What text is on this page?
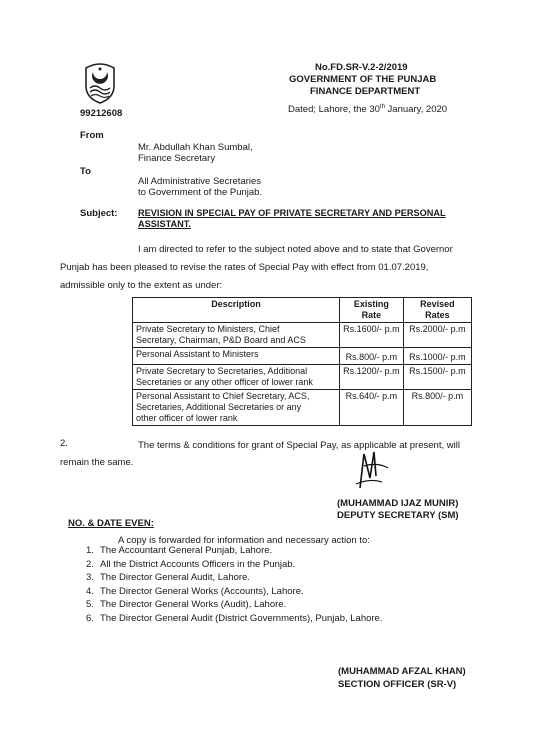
99212608
No.FD.SR-V.2-2/2019
GOVERNMENT OF THE PUNJAB
FINANCE DEPARTMENT
Dated; Lahore, the 30th January, 2020
From
Mr. Abdullah Khan Sumbal,
Finance Secretary
To
All Administrative Secretaries
to Government of the Punjab.
Subject: REVISION IN SPECIAL PAY OF PRIVATE SECRETARY AND PERSONAL
ASSISTANT.
I am directed to refer to the subject noted above and to state that Governor
Punjab has been pleased to revise the rates of Special Pay with effect from 01.07.2019,
admissible only to the extent as under:
Description	Existing Rate	Revised Rates
Private Secretary to Ministers, Chief
Secretary, Chairman, P&D Board and ACS	Rs.1600/- p.m	Rs.2000/- p.m
Personal Assistant to Ministers	Rs.800/- p.m	Rs.1000/- p.m
Private Secretary to Secretaries, Additional
Secretaries or any other officer of lower rank	Rs.1200/- p.m	Rs.1500/- p.m
Personal Assistant to Chief Secretary, ACS,
Secretaries, Additional Secretaries or any
other officer of lower rank	Rs.640/- p.m	Rs.800/- p.m
2.	The terms & conditions for grant of Special Pay, as applicable at present, will
remain the same.
(MUHAMMAD IJAZ MUNIR)
DEPUTY SECRETARY (SM)
NO. & DATE EVEN:
A copy is forwarded for information and necessary action to:
1. The Accountant General Punjab, Lahore.
2. All the District Accounts Officers in the Punjab.
3. The Director General Audit, Lahore.
4. The Director General Works (Accounts), Lahore.
5. The Director General Works (Audit), Lahore.
6. The Director General Audit (District Governments), Punjab, Lahore.
(MUHAMMAD AFZAL KHAN)
SECTION OFFICER (SR-V)
